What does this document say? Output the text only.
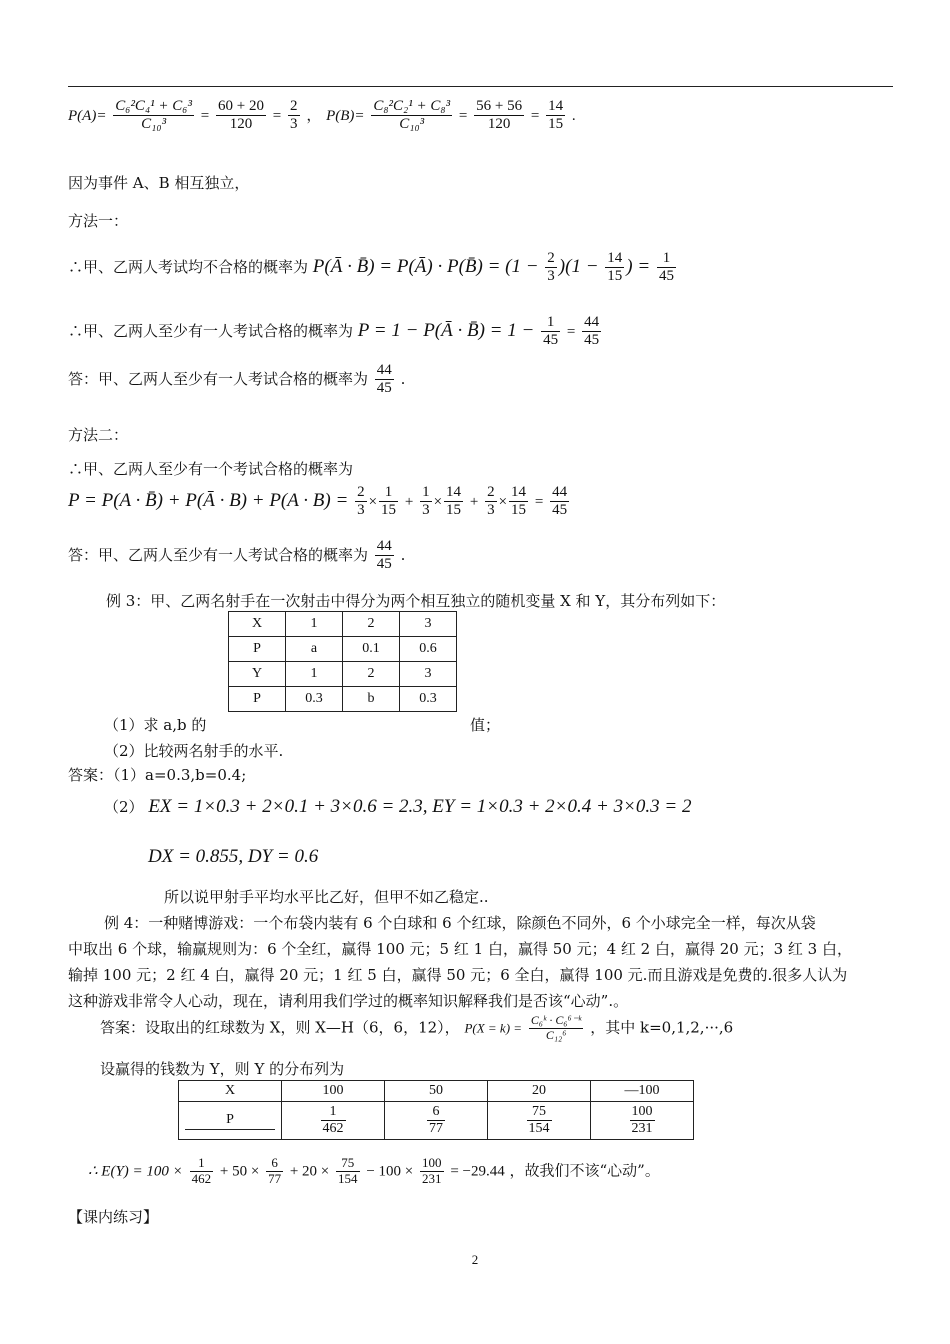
$P(A)= \frac{\text{C₆²C₄¹ + C₆³}}{\text{C₁₀³}} = \frac{60 + 20}{120} = \frac{2}{3}$ ， $P(B)= \frac{\text{C₈²C₂¹ + C₈³}}{\text{C₁₀³}} = \frac{56 + 56}{120} = \frac{14}{15}$ .
因为事件 A、B 相互独立，
方法一：
∴甲、乙两人考试均不合格的概率为 P(Ā · B̄) = P(Ā) · P(B̄) = $(1 - \frac{2}{3} )(1 - \frac{14}{15}$ ) = $\frac{1}{45}$
∴甲、乙两人至少有一人考试合格的概率为 P = 1 − P(Ā · B̄) = $1 - \frac{1}{45} = \frac{44}{45}$
答：甲、乙两人至少有一人考试合格的概率为 $\frac{44}{45}$ .
方法二：
∴甲、乙两人至少有一个考试合格的概率为
P = P(A · B̄) + P(Ā · $B) + P(A \cdot B) = \frac{2}{3} \times \frac{1}{15} + \frac{1}{3} \times \frac{14}{15} + \frac{2}{3} \times \frac{14}{15} = \frac{44}{45}$
答：甲、乙两人至少有一人考试合格的概率为 $\frac{44}{45}$ .
例 3：甲、乙两名射手在一次射击中得分为两个相互独立的随机变量 X 和 Y，其分布列如下：
X	1	2	3
P	a	0.1	0.6
Y	1	2	3
P	0.3	b	0.3
（1）求 a,b 的	值；
（2）比较两名射手的水平.
答案：（1）a=0.3,b=0.4;
（2） EX = 1×0.3 + 2×0.1 + 3×0.6 = 2.3, EY = 1×0.3 + 2×0.4 + 3×0.3 = 2
DX = 0.855, DY = 0.6
所以说甲射手平均水平比乙好，但甲不如乙稳定..
例 4：一种赌博游戏：一个布袋内装有 6 个白球和 6 个红球，除颜色不同外，6 个小球完全一样，每次从袋
中取出 6 个球，输赢规则为：6 个全红，赢得 100 元；5 红 1 白，赢得 50 元；4 红 2 白，赢得 20 元；3 红 3 白，
输掉 100 元；2 红 4 白，赢得 20 元；1 红 5 白，赢得 50 元；6 全白，赢得 100 元.而且游戏是免费的.很多人认为
这种游戏非常令人心动，现在，请利用我们学过的概率知识解释我们是否该“心动”.。
答案：设取出的红球数为 X，则 X—H（6，6，12）， $P(X = k) = \frac{\text{C₆ᵏ · C₆⁶⁻ᵏ}}{\text{C₁₂⁶}}$ ，其中 k=0,1,2,···,6
设赢得的钱数为 Y，则 Y 的分布列为
X	100	50	20	—100

P	$\frac{1}{462}$	$\frac{6}{77}$	$\frac{75}{154}$	$\frac{100}{231}$
∴ $E(Y) = 100 \times \frac{1}{462} + 50 \times \frac{6}{77} + 20 \times \frac{75}{154} - 100 \times \frac{100}{231} = -29.44$ ，故我们不该“心动”。
【课内练习】
2
